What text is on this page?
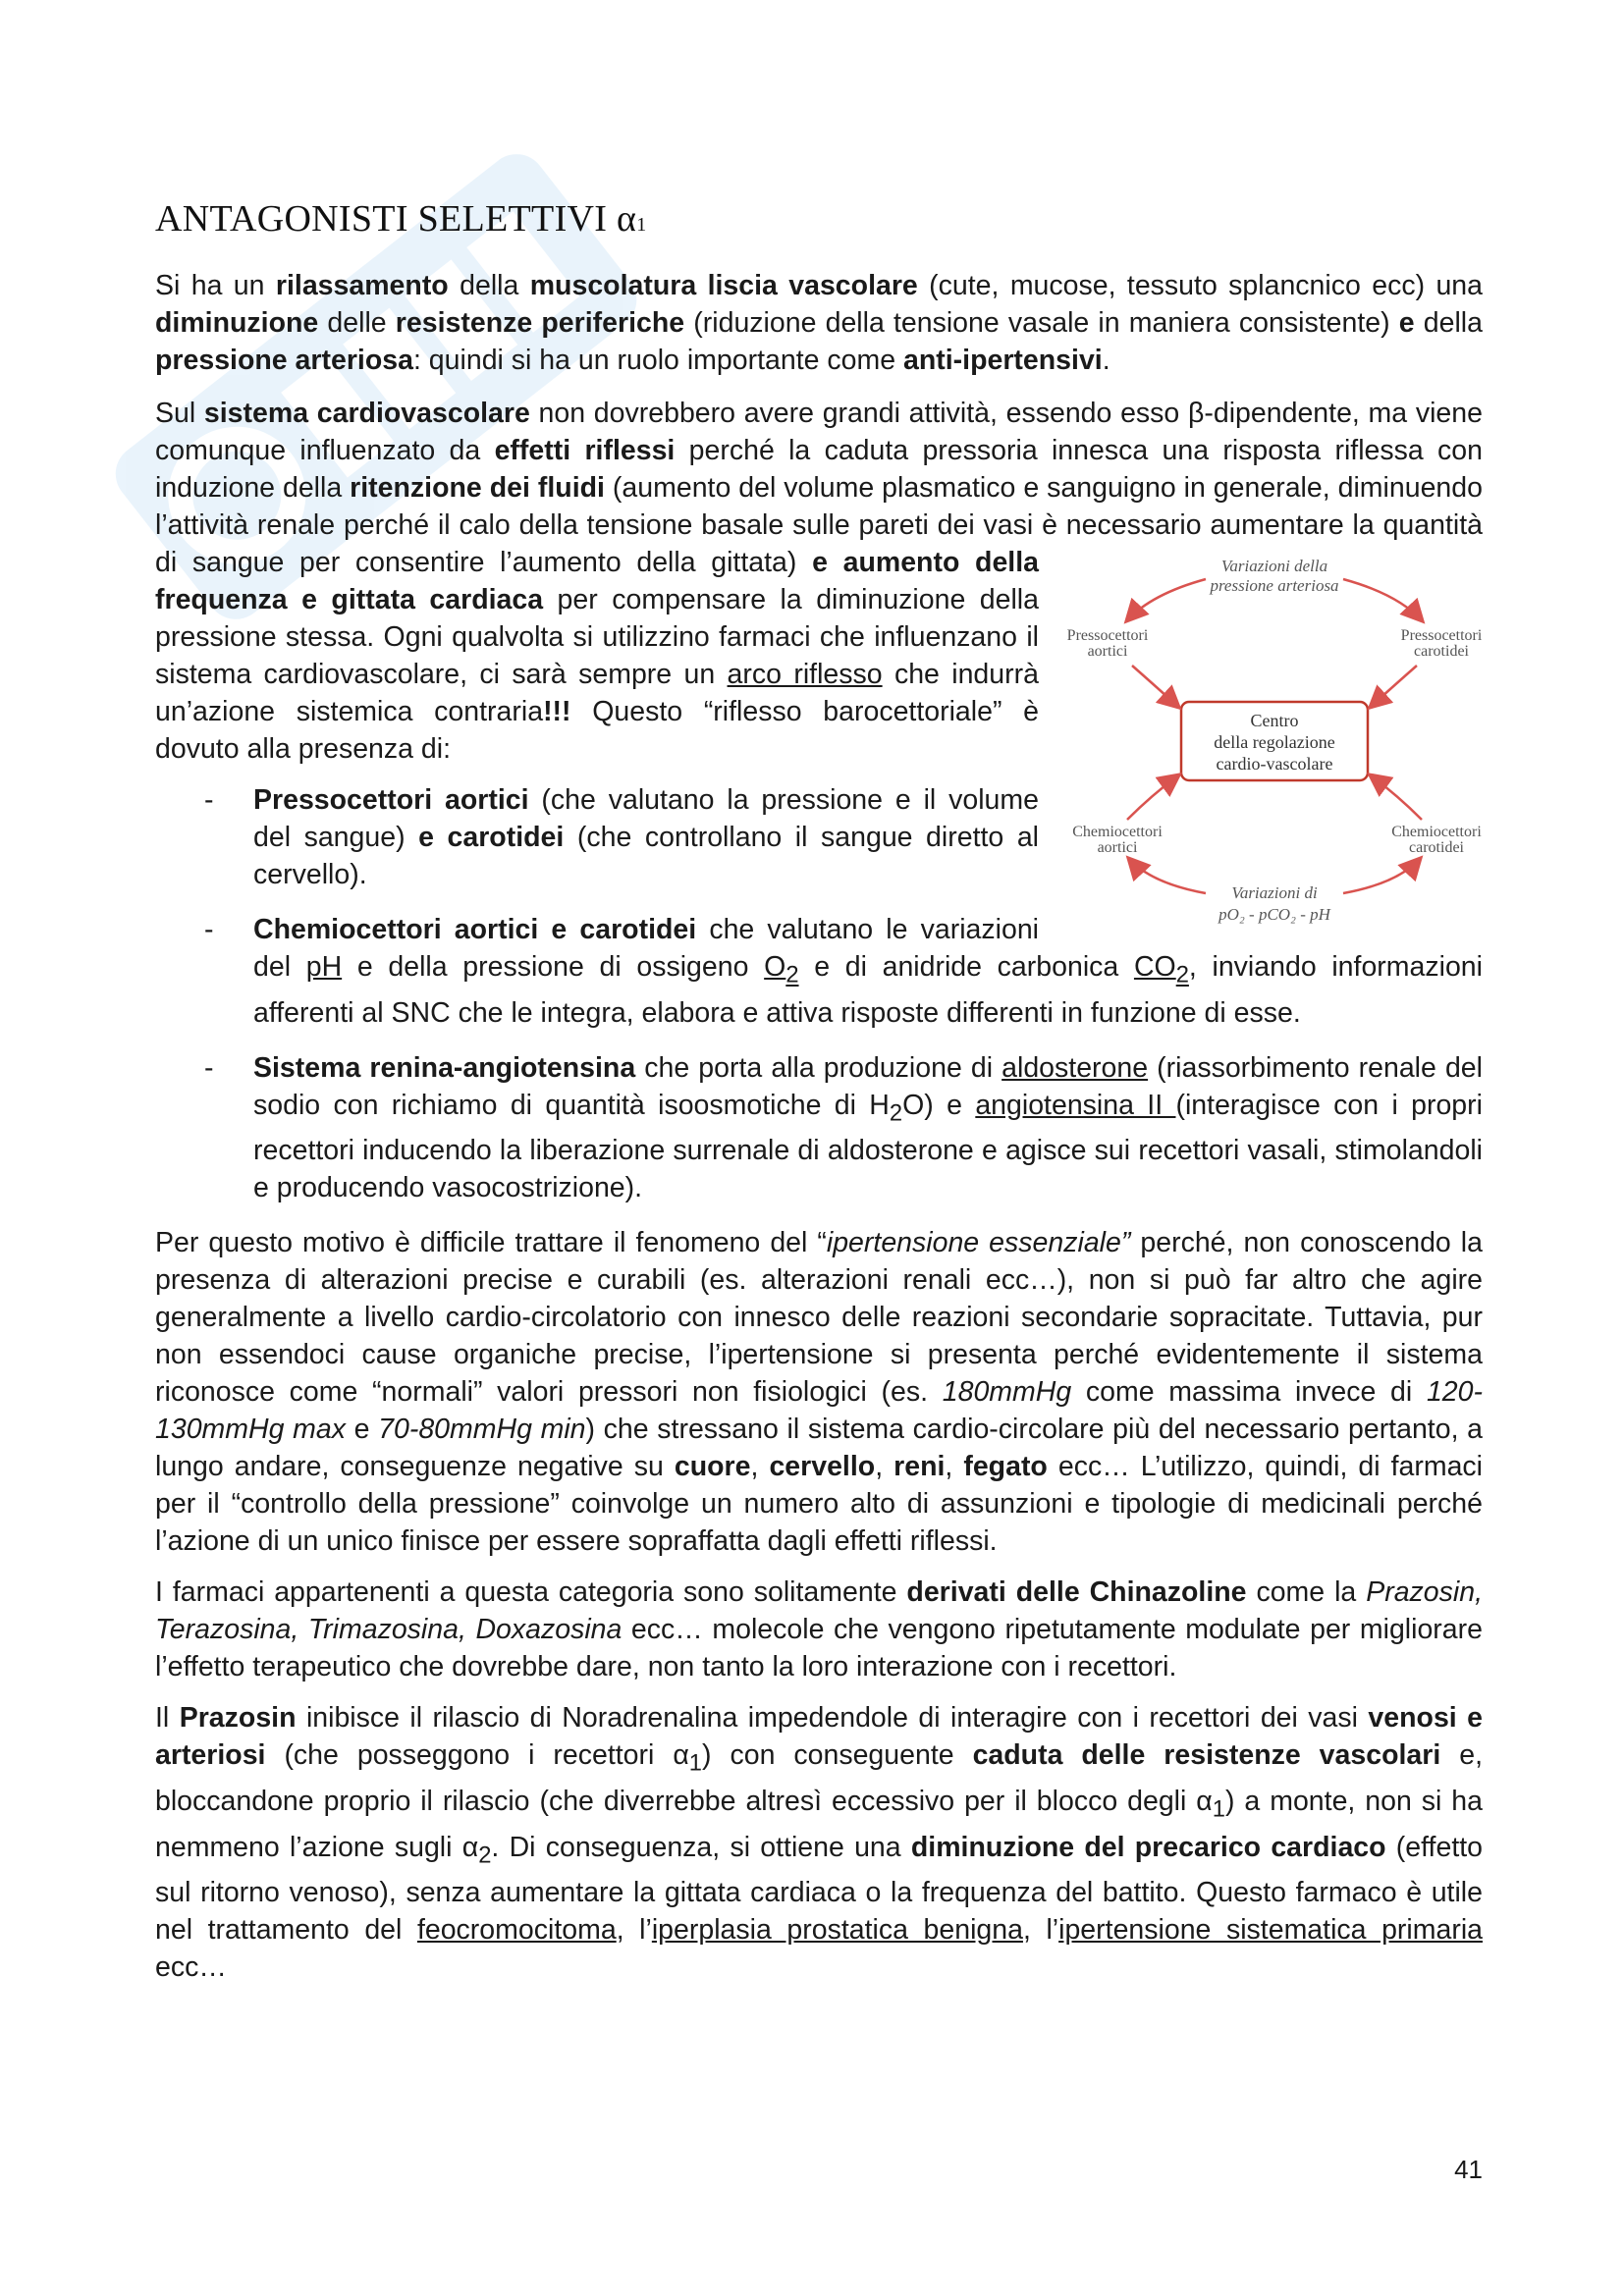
ANTAGONISTI SELETTIVI α1

Si ha un rilassamento della muscolatura liscia vascolare (cute, mucose, tessuto splancnico ecc) una diminuzione delle resistenze periferiche (riduzione della tensione vasale in maniera consistente) e della pressione arteriosa: quindi si ha un ruolo importante come anti-ipertensivi.

Sul sistema cardiovascolare non dovrebbero avere grandi attività, essendo esso β-dipendente, ma viene comunque influenzato da effetti riflessi perché la caduta pressoria innesca una risposta riflessa con induzione della ritenzione dei fluidi (aumento del volume plasmatico e sanguigno in generale, diminuendo l’attività renale perché il calo della tensione basale sulle pareti dei vasi è necessario aumentare la quantità di sangue per consentire l’aumento della gittata)	Variazioni della
pressione arteriosa
Pressocettori
aortici
Pressocettori
carotidei
Centro
della regolazione
cardio-vascolare
Chemiocettori
aortici
Chemiocettori
carotidei
Variazioni di
pO₂ - pCO₂ - pH
e aumento della frequenza e gittata cardiaca per compensare la diminuzione della pressione stessa. Ogni qualvolta si utilizzino farmaci che influenzano il sistema cardiovascolare, ci sarà sempre un arco riflesso che indurrà un’azione sistemica contraria!!! Questo “riflesso barocettoriale” è dovuto alla presenza di:

- Pressocettori aortici (che valutano la pressione e il volume del sangue) e carotidei (che controllano il sangue diretto al cervello).
- Chemiocettori aortici e carotidei che valutano le variazioni del pH e della pressione di ossigeno $O_2$ e di anidride carbonica $CO_2$, inviando informazioni afferenti al SNC che le integra, elabora e attiva risposte differenti in funzione di esse.
- Sistema renina-angiotensina che porta alla produzione di aldosterone (riassorbimento renale del sodio con richiamo di quantità isoosmotiche di $H_2O$) e angiotensina II (interagisce con i propri recettori inducendo la liberazione surrenale di aldosterone e agisce sui recettori vasali, stimolandoli e producendo vasocostrizione).

Per questo motivo è difficile trattare il fenomeno del “ipertensione essenziale” perché, non conoscendo la presenza di alterazioni precise e curabili (es. alterazioni renali ecc…), non si può far altro che agire generalmente a livello cardio-circolatorio con innesco delle reazioni secondarie sopracitate. Tuttavia, pur non essendoci cause organiche precise, l’ipertensione si presenta perché evidentemente il sistema riconosce come “normali” valori pressori non fisiologici (es. 180mmHg come massima invece di 120-130mmHg max e 70-80mmHg min) che stressano il sistema cardio-circolare più del necessario pertanto, a lungo andare, conseguenze negative su cuore, cervello, reni, fegato ecc… L’utilizzo, quindi, di farmaci per il “controllo della pressione” coinvolge un numero alto di assunzioni e tipologie di medicinali perché l’azione di un unico finisce per essere sopraffatta dagli effetti riflessi.

I farmaci appartenenti a questa categoria sono solitamente derivati delle Chinazoline come la Prazosin, Terazosina, Trimazosina, Doxazosina ecc… molecole che vengono ripetutamente modulate per migliorare l’effetto terapeutico che dovrebbe dare, non tanto la loro interazione con i recettori.

Il Prazosin inibisce il rilascio di Noradrenalina impedendole di interagire con i recettori dei vasi venosi e arteriosi (che posseggono i recettori $\alpha_1$) con conseguente caduta delle resistenze vascolari e, bloccandone proprio il rilascio (che diverrebbe altresì eccessivo per il blocco degli $\alpha_1$) a monte, non si ha nemmeno l’azione sugli $\alpha_2$. Di conseguenza, si ottiene una diminuzione del precarico cardiaco (effetto sul ritorno venoso), senza aumentare la gittata cardiaca o la frequenza del battito. Questo farmaco è utile nel trattamento del feocromocitoma, l’iperplasia prostatica benigna, l’ipertensione sistematica primaria ecc…

41
